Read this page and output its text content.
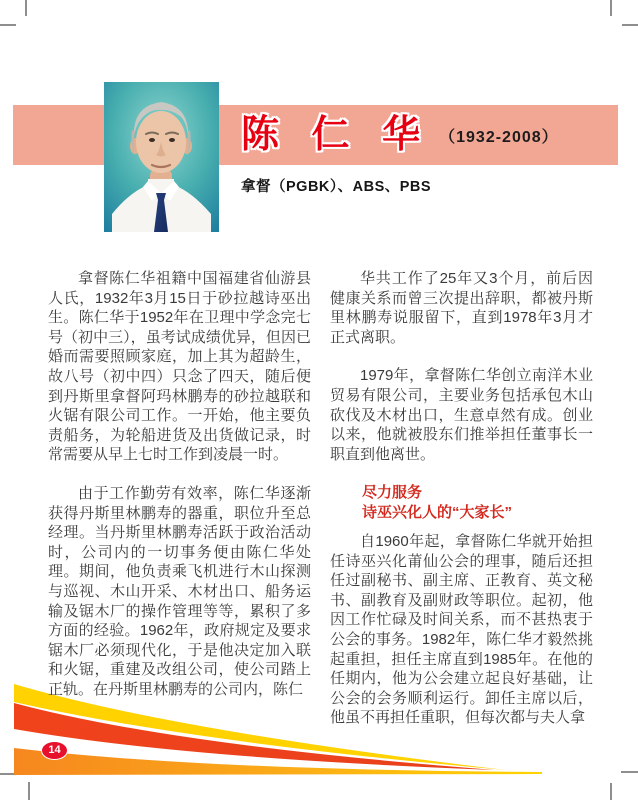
陈 仁 华 （1932-2008）
拿督（PGBK）、ABS、PBS

拿督陈仁华祖籍中国福建省仙游县人氏，1932年3月15日于砂拉越诗巫出生。陈仁华于1952年在卫理中学念完七号（初中三），虽考试成绩优异，但因已婚而需要照顾家庭，加上其为超龄生，故八号（初中四）只念了四天，随后便到丹斯里拿督阿玛林鹏寿的砂拉越联和火锯有限公司工作。一开始，他主要负责船务，为轮船进货及出货做记录，时常需要从早上七时工作到凌晨一时。

由于工作勤劳有效率，陈仁华逐渐获得丹斯里林鹏寿的器重，职位升至总经理。当丹斯里林鹏寿活跃于政治活动时，公司内的一切事务便由陈仁华处理。期间，他负责乘飞机进行木山探测与巡视、木山开采、木材出口、船务运输及锯木厂的操作管理等等，累积了多方面的经验。1962年，政府规定及要求锯木厂必须现代化，于是他决定加入联和火锯，重建及改组公司，使公司踏上正轨。在丹斯里林鹏寿的公司内，陈仁

华共工作了25年又3个月，前后因健康关系而曾三次提出辞职，都被丹斯里林鹏寿说服留下，直到1978年3月才正式离职。

1979年，拿督陈仁华创立南洋木业贸易有限公司，主要业务包括承包木山砍伐及木材出口，生意卓然有成。创业以来，他就被股东们推举担任董事长一职直到他离世。

尽力服务
诗巫兴化人的“大家长”

自1960年起，拿督陈仁华就开始担任诗巫兴化莆仙公会的理事，随后还担任过副秘书、副主席、正教育、英文秘书、副教育及副财政等职位。起初，他因工作忙碌及时间关系，而不甚热衷于公会的事务。1982年，陈仁华才毅然挑起重担，担任主席直到1985年。在他的任期内，他为公会建立起良好基础，让公会的会务顺利运行。卸任主席以后，他虽不再担任重职，但每次都与夫人拿

14
